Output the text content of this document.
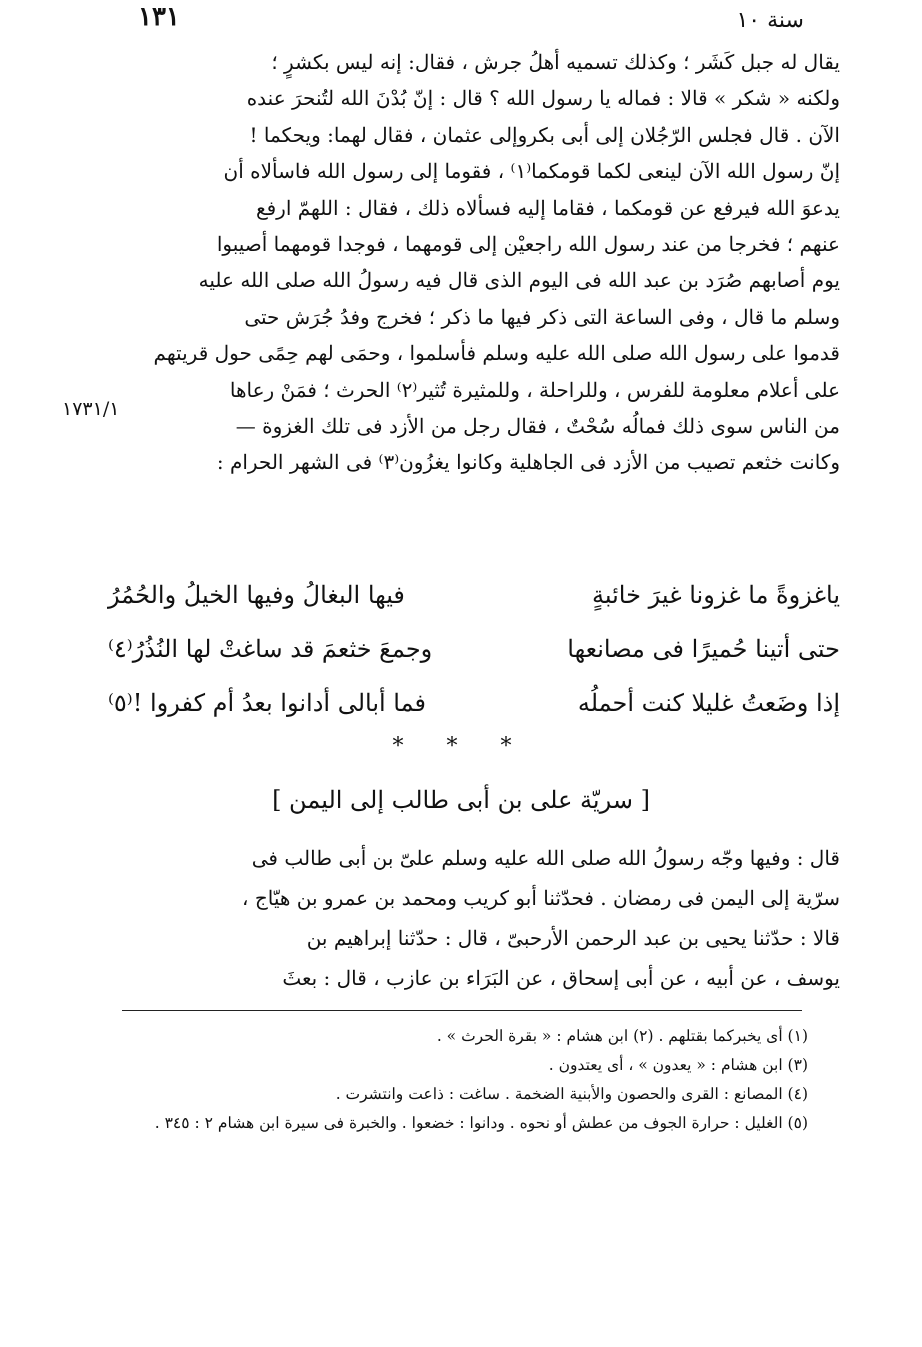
١٣١	سنة ١٠
١٧٣١/١

يقال له جبل كَشَر ؛ وكذلك تسميه أهلُ جرش ، فقال: إنه ليس بكشرٍ ؛

ولكنه « شكر » قالا : فماله يا رسول الله ؟ قال : إنّ بُدْنَ الله لتُنحرَ عنده

الآن . قال فجلس الرّجُلان إلى أبى بكروإلى عثمان ، فقال لهما: ويحكما !

إنّ رسول الله الآن لينعى لكما قومكما⁽١⁾ ، فقوما إلى رسول الله فاسألاه أن

يدعوَ الله فيرفع عن قومكما ، فقاما إليه فسألاه ذلك ، فقال : اللهمّ ارفع

عنهم ؛ فخرجا من عند رسول الله راجعيْن إلى قومهما ، فوجدا قومهما أصيبوا

يوم أصابهم صُرَد بن عبد الله فى اليوم الذى قال فيه رسولُ الله صلى الله عليه

وسلم ما قال ، وفى الساعة التى ذكر فيها ما ذكر ؛ فخرج وفدُ جُرَش حتى

قدموا على رسول الله صلى الله عليه وسلم فأسلموا ، وحمَى لهم حِمًى حول قريتهم

على أعلام معلومة للفرس ، وللراحلة ، وللمثيرة تُثير⁽٢⁾ الحرث ؛ فمَنْ رعاها

من الناس سوى ذلك فمالُه سُحْتٌ ، فقال رجل من الأزد فى تلك الغزوة —

وكانت خثعم تصيب من الأزد فى الجاهلية وكانوا يغزُون⁽٣⁾ فى الشهر الحرام :

ياغزوةً ما غزونا غيرَ خائبةٍ
فيها البغالُ وفيها الخيلُ والحُمُرُ
حتى أتينا حُميرًا فى مصانعها
وجمعَ خثعمَ قد ساغتْ لها النُذُرُ⁽٤⁾
إذا وضَعتُ غليلا كنت أحملُه
فما أبالى أدانوا بعدُ أم كفروا !⁽٥⁾
* * *
[ سريّة على بن أبى طالب إلى اليمن ]

قال : وفيها وجّه رسولُ الله صلى الله عليه وسلم علىّ بن أبى طالب فى

سرّية إلى اليمن فى رمضان . فحدّثنا أبو كريب ومحمد بن عمرو بن هيّاج ،

قالا : حدّثنا يحيى بن عبد الرحمن الأرحبىّ ، قال : حدّثنا إبراهيم بن

يوسف ، عن أبيه ، عن أبى إسحاق ، عن البَرَاء بن عازب ، قال : بعثَ

(١) أى يخبركما بقتلهم . (٢) ابن هشام : « بقرة الحرث » .
(٣) ابن هشام : « يعدون » ، أى يعتدون .
(٤) المصانع : القرى والحصون والأبنية الضخمة . ساغت : ذاعت وانتشرت .
(٥) الغليل : حرارة الجوف من عطش أو نحوه . ودانوا : خضعوا . والخبرة فى سيرة ابن هشام ٢ : ٣٤٥ .
